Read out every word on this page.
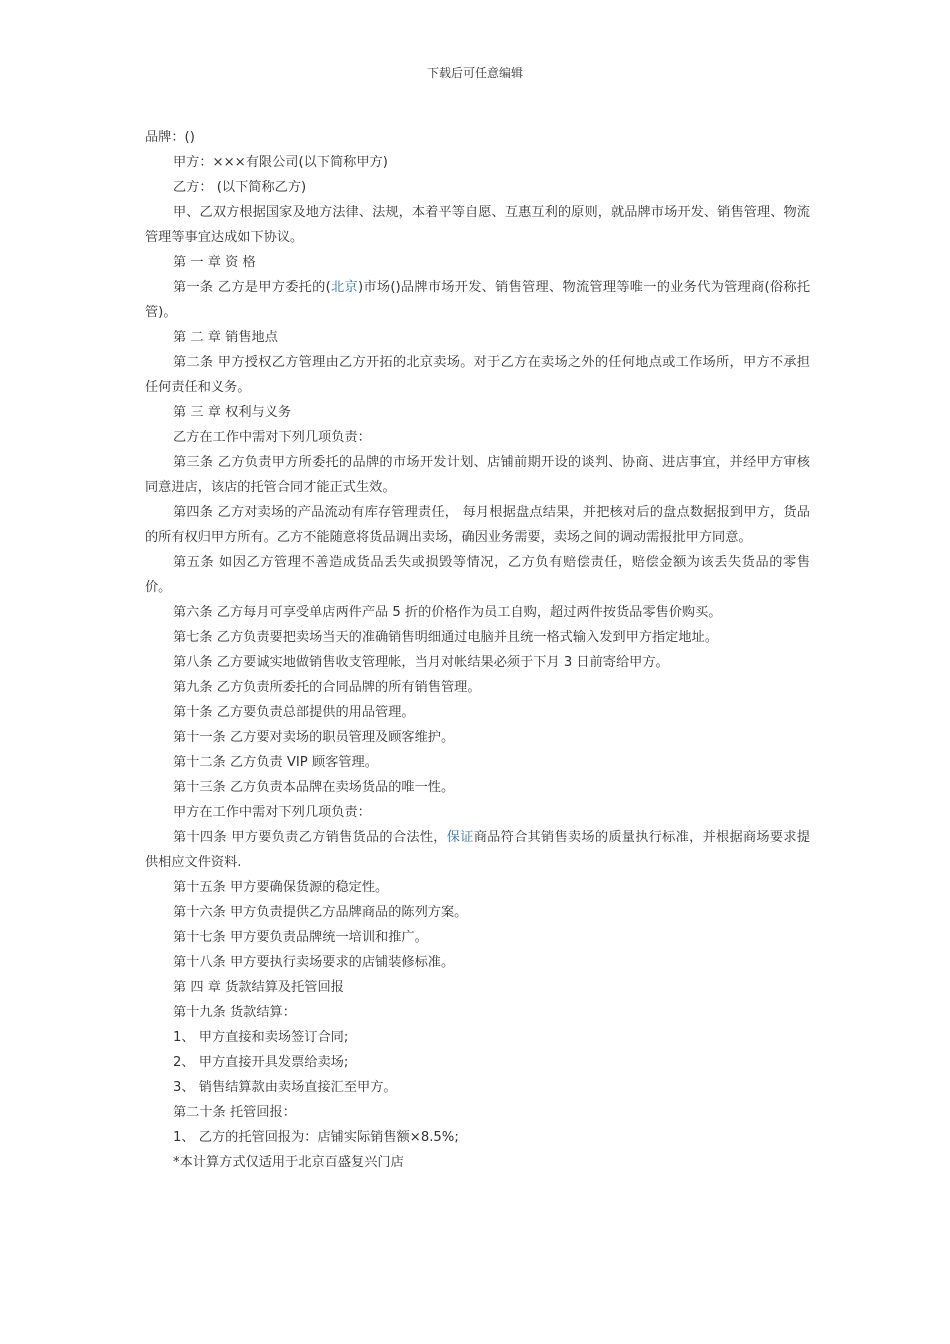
下载后可任意编辑

品牌：()

甲方：×××有限公司(以下简称甲方)

乙方： (以下简称乙方)

甲、乙双方根据国家及地方法律、法规，本着平等自愿、互惠互利的原则，就品牌市场开发、销售管理、物流管理等事宜达成如下协议。

第 一 章 资 格

第一条 乙方是甲方委托的(北京)市场()品牌市场开发、销售管理、物流管理等唯一的业务代为管理商(俗称托管)。

第 二 章 销售地点

第二条 甲方授权乙方管理由乙方开拓的北京卖场。对于乙方在卖场之外的任何地点或工作场所，甲方不承担任何责任和义务。

第 三 章 权利与义务

乙方在工作中需对下列几项负责：

第三条 乙方负责甲方所委托的品牌的市场开发计划、店铺前期开设的谈判、协商、进店事宜，并经甲方审核同意进店，该店的托管合同才能正式生效。

第四条 乙方对卖场的产品流动有库存管理责任， 每月根据盘点结果，并把核对后的盘点数据报到甲方，货品的所有权归甲方所有。乙方不能随意将货品调出卖场，确因业务需要，卖场之间的调动需报批甲方同意。

第五条 如因乙方管理不善造成货品丢失或损毁等情况，乙方负有赔偿责任，赔偿金额为该丢失货品的零售价。

第六条 乙方每月可享受单店两件产品 5 折的价格作为员工自购，超过两件按货品零售价购买。

第七条 乙方负责要把卖场当天的准确销售明细通过电脑并且统一格式输入发到甲方指定地址。

第八条 乙方要诚实地做销售收支管理帐，当月对帐结果必须于下月 3 日前寄给甲方。

第九条 乙方负责所委托的合同品牌的所有销售管理。

第十条 乙方要负责总部提供的用品管理。

第十一条 乙方要对卖场的职员管理及顾客维护。

第十二条 乙方负责 VIP 顾客管理。

第十三条 乙方负责本品牌在卖场货品的唯一性。

甲方在工作中需对下列几项负责：

第十四条 甲方要负责乙方销售货品的合法性，保证商品符合其销售卖场的质量执行标准，并根据商场要求提供相应文件资料.

第十五条 甲方要确保货源的稳定性。

第十六条 甲方负责提供乙方品牌商品的陈列方案。

第十七条 甲方要负责品牌统一培训和推广。

第十八条 甲方要执行卖场要求的店铺装修标准。

第 四 章 货款结算及托管回报

第十九条 货款结算：

1、 甲方直接和卖场签订合同;

2、 甲方直接开具发票给卖场;

3、 销售结算款由卖场直接汇至甲方。

第二十条 托管回报：

1、 乙方的托管回报为：店铺实际销售额×8.5%;

*本计算方式仅适用于北京百盛复兴门店
